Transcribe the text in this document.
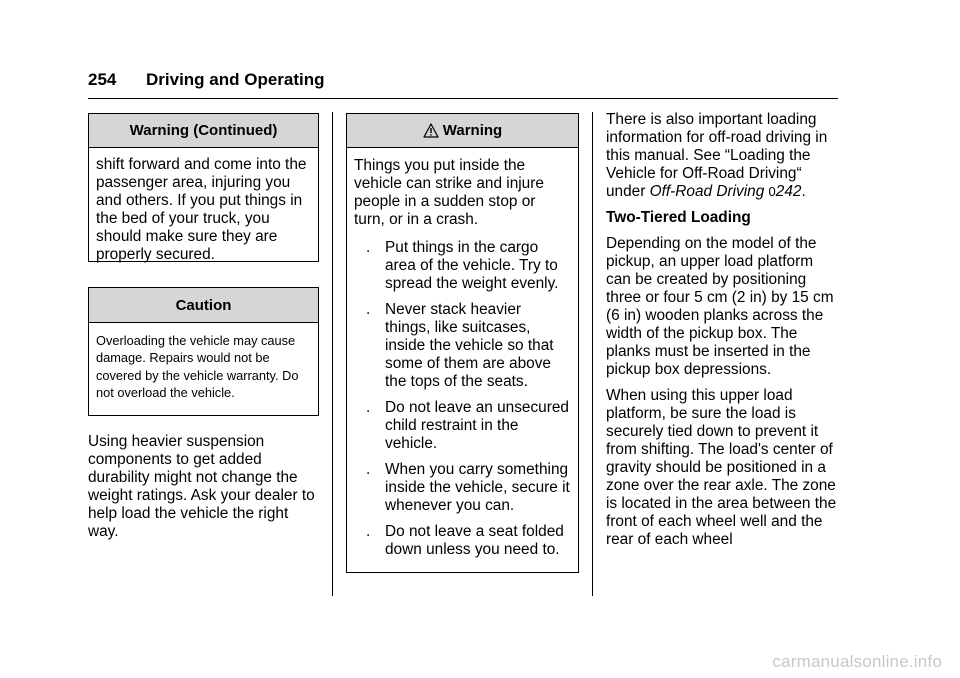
254 Driving and Operating
Warning (Continued)

shift forward and come into the passenger area, injuring you and others. If you put things in the bed of your truck, you should make sure they are properly secured.

Caution

Overloading the vehicle may cause damage. Repairs would not be covered by the vehicle warranty. Do not overload the vehicle.

Using heavier suspension components to get added durability might not change the weight ratings. Ask your dealer to help load the vehicle the right way.

Warning

Things you put inside the vehicle can strike and injure people in a sudden stop or turn, or in a crash.

. Put things in the cargo area of the vehicle. Try to spread the weight evenly.
. Never stack heavier things, like suitcases, inside the vehicle so that some of them are above the tops of the seats.
. Do not leave an unsecured child restraint in the vehicle.
. When you carry something inside the vehicle, secure it whenever you can.
. Do not leave a seat folded down unless you need to.

There is also important loading information for off-road driving in this manual. See “Loading the Vehicle for Off-Road Driving“ under Off-Road Driving 0242.

Two-Tiered Loading

Depending on the model of the pickup, an upper load platform can be created by positioning three or four 5 cm (2 in) by 15 cm (6 in) wooden planks across the width of the pickup box. The planks must be inserted in the pickup box depressions.

When using this upper load platform, be sure the load is securely tied down to prevent it from shifting. The load's center of gravity should be positioned in a zone over the rear axle. The zone is located in the area between the front of each wheel well and the rear of each wheel

carmanualsonline.info
